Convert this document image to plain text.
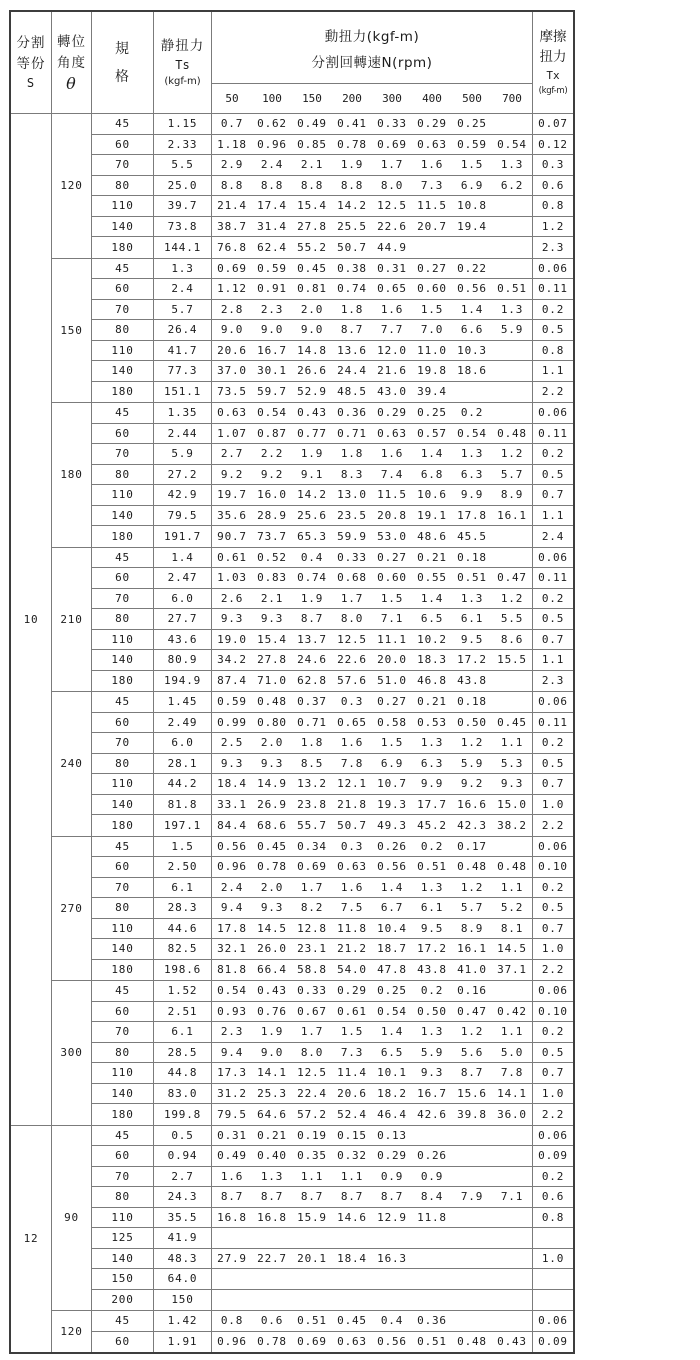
分割
等份
S
轉位
角度
θ
規
格
静扭力
Ts
(kgf-m)
動扭力(kgf-m)
分割回轉速N(rpm)
50	100	150	200	300	400	500	700
摩擦
扭力
Tx
(kgf-m)
10
120
45	1.15	0.7	0.62 0.49 0.41 0.33 0.29 0.25	0.07
60	2.33	1.18 0.96 0.85 0.78 0.69 0.63 0.59 0.54	0.12
70	5.5	2.9	2.4	2.1	1.9	1.7	1.6	1.5	1.3	0.3
80	25.0	8.8	8.8	8.8	8.8	8.0	7.3	6.9	6.2	0.6
110	39.7	21.4 17.4 15.4 14.2 12.5 11.5 10.8	0.8
140	73.8	38.7 31.4 27.8 25.5 22.6 20.7 19.4	1.2
180	144.1	76.8 62.4 55.2 50.7 44.9	2.3
150
45	1.3	0.69 0.59 0.45 0.38 0.31 0.27 0.22	0.06
60	2.4	1.12 0.91 0.81 0.74 0.65 0.60 0.56 0.51	0.11
70	5.7	2.8	2.3	2.0	1.8	1.6	1.5	1.4	1.3	0.2
80	26.4	9.0	9.0	9.0	8.7	7.7	7.0	6.6	5.9	0.5
110	41.7	20.6 16.7 14.8 13.6 12.0 11.0 10.3	0.8
140	77.3	37.0 30.1 26.6 24.4 21.6 19.8 18.6	1.1
180	151.1	73.5 59.7 52.9 48.5 43.0 39.4	2.2
180
45	1.35	0.63 0.54 0.43 0.36 0.29 0.25	0.2	0.06
60	2.44	1.07 0.87 0.77 0.71 0.63 0.57 0.54 0.48	0.11
70	5.9	2.7	2.2	1.9	1.8	1.6	1.4	1.3	1.2	0.2
80	27.2	9.2	9.2	9.1	8.3	7.4	6.8	6.3	5.7	0.5
110	42.9	19.7 16.0 14.2 13.0 11.5 10.6	9.9	8.9	0.7
140	79.5	35.6 28.9 25.6 23.5 20.8 19.1 17.8 16.1	1.1
180	191.7	90.7 73.7 65.3 59.9 53.0 48.6 45.5	2.4
210
45	1.4	0.61 0.52	0.4	0.33 0.27 0.21 0.18	0.06
60	2.47	1.03 0.83 0.74 0.68 0.60 0.55 0.51 0.47	0.11
70	6.0	2.6	2.1	1.9	1.7	1.5	1.4	1.3	1.2	0.2
80	27.7	9.3	9.3	8.7	8.0	7.1	6.5	6.1	5.5	0.5
110	43.6	19.0 15.4 13.7 12.5 11.1 10.2	9.5	8.6	0.7
140	80.9	34.2 27.8 24.6 22.6 20.0 18.3 17.2 15.5	1.1
180	194.9	87.4 71.0 62.8 57.6 51.0 46.8 43.8	2.3
240
45	1.45	0.59 0.48 0.37	0.3	0.27 0.21 0.18	0.06
60	2.49	0.99 0.80 0.71 0.65 0.58 0.53 0.50 0.45	0.11
70	6.0	2.5	2.0	1.8	1.6	1.5	1.3	1.2	1.1	0.2
80	28.1	9.3	9.3	8.5	7.8	6.9	6.3	5.9	5.3	0.5
110	44.2	18.4 14.9 13.2 12.1 10.7	9.9	9.2	9.3	0.7
140	81.8	33.1 26.9 23.8 21.8 19.3 17.7 16.6 15.0	1.0
180	197.1	84.4 68.6 55.7 50.7 49.3 45.2 42.3 38.2	2.2
270
45	1.5	0.56 0.45 0.34	0.3	0.26	0.2	0.17	0.06
60	2.50	0.96 0.78 0.69 0.63 0.56 0.51 0.48 0.48	0.10
70	6.1	2.4	2.0	1.7	1.6	1.4	1.3	1.2	1.1	0.2
80	28.3	9.4	9.3	8.2	7.5	6.7	6.1	5.7	5.2	0.5
110	44.6	17.8 14.5 12.8 11.8 10.4	9.5	8.9	8.1	0.7
140	82.5	32.1 26.0 23.1 21.2 18.7 17.2 16.1 14.5	1.0
180	198.6	81.8 66.4 58.8 54.0 47.8 43.8 41.0 37.1	2.2
300
45	1.52	0.54 0.43 0.33 0.29 0.25	0.2	0.16	0.06
60	2.51	0.93 0.76 0.67 0.61 0.54 0.50 0.47 0.42	0.10
70	6.1	2.3	1.9	1.7	1.5	1.4	1.3	1.2	1.1	0.2
80	28.5	9.4	9.0	8.0	7.3	6.5	5.9	5.6	5.0	0.5
110	44.8	17.3 14.1 12.5 11.4 10.1	9.3	8.7	7.8	0.7
140	83.0	31.2 25.3 22.4 20.6 18.2 16.7 15.6 14.1	1.0
180	199.8	79.5 64.6 57.2 52.4 46.4 42.6 39.8 36.0	2.2
12
90
45	0.5	0.31 0.21 0.19 0.15 0.13	0.06
60	0.94	0.49 0.40 0.35 0.32 0.29 0.26	0.09
70	2.7	1.6	1.3	1.1	1.1	0.9	0.9	0.2
80	24.3	8.7	8.7	8.7	8.7	8.7	8.4	7.9	7.1	0.6
110	35.5	16.8 16.8 15.9 14.6 12.9 11.8	0.8
125	41.9
140	48.3	27.9 22.7 20.1 18.4 16.3	1.0
150	64.0
200	150
120
45	1.42	0.8	0.6	0.51 0.45	0.4	0.36	0.06
60	1.91	0.96 0.78 0.69 0.63 0.56 0.51 0.48 0.43	0.09
